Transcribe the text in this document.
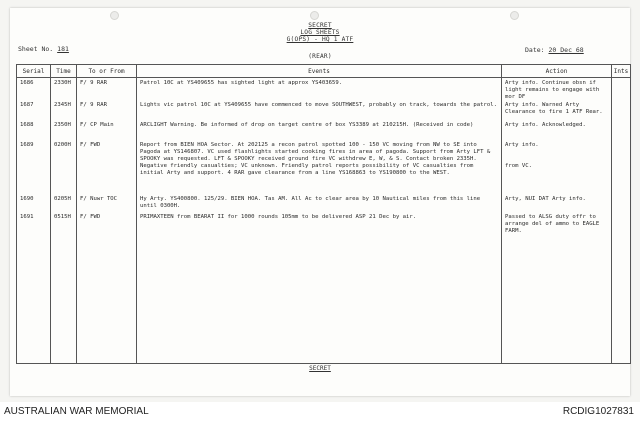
SECRET
LOG SHEETS
G(OPS) - HQ 1 ATF
Sheet No. 181	Date: 20 Dec 68
(REAR)
Serial	Time	To or From	Events	Action	Ints
1686	2330H	F/ 9 RAR	Patrol 10C at YS409655 has sighted light at approx YS403659.	Arty info. Continue obsn if light remains to engage with mor DF	
1687	2345H	F/ 9 RAR	Lights vic patrol 10C at YS409655 have commenced to move SOUTHWEST, probably on track, towards the patrol.	Arty info. Warned Arty Clearance to fire 1 ATF Rear.	
1688	2350H	F/ CP Main	ARCLIGHT Warning. Be informed of drop on target centre of box YS3389 at 210215H. (Received in code)	Arty info. Acknowledged.	
1689	0200H	F/ FWD	Report from BIEN HOA Sector. At 202125 a recon patrol spotted 100 - 150 VC moving from NW to SE into Pagoda at YS146807. VC used flashlights started cooking fires in area of pagoda. Support from Arty LFT & SPOOKY was requested. LFT & SPOOKY received ground fire VC withdrew E, W, & S. Contact broken 2335H. Negative friendly casualties; VC unknown. Friendly patrol reports possibility of VC casualties from initial Arty and support. 4 RAR gave clearance from a line YS168863 to YS190800 to the WEST.	Arty info.

from VC.	
1690	0205H	F/ Nuwr TOC	Hy Arty. YS400800. 125/29. BIEN HOA. Tas AM. All Ac to clear area by 10 Nautical miles from this line until 0300H.	Arty, NUI DAT Arty info.	
1691	0515H	F/ FWD	PRIMAXTEEN from BEARAT II for 1000 rounds 105mm to be delivered ASP 21 Dec by air.	Passed to ALSG duty offr to arrange del of ammo to EAGLE FARM.	
SECRET
AUSTRALIAN WAR MEMORIAL	RCDIG1027831
